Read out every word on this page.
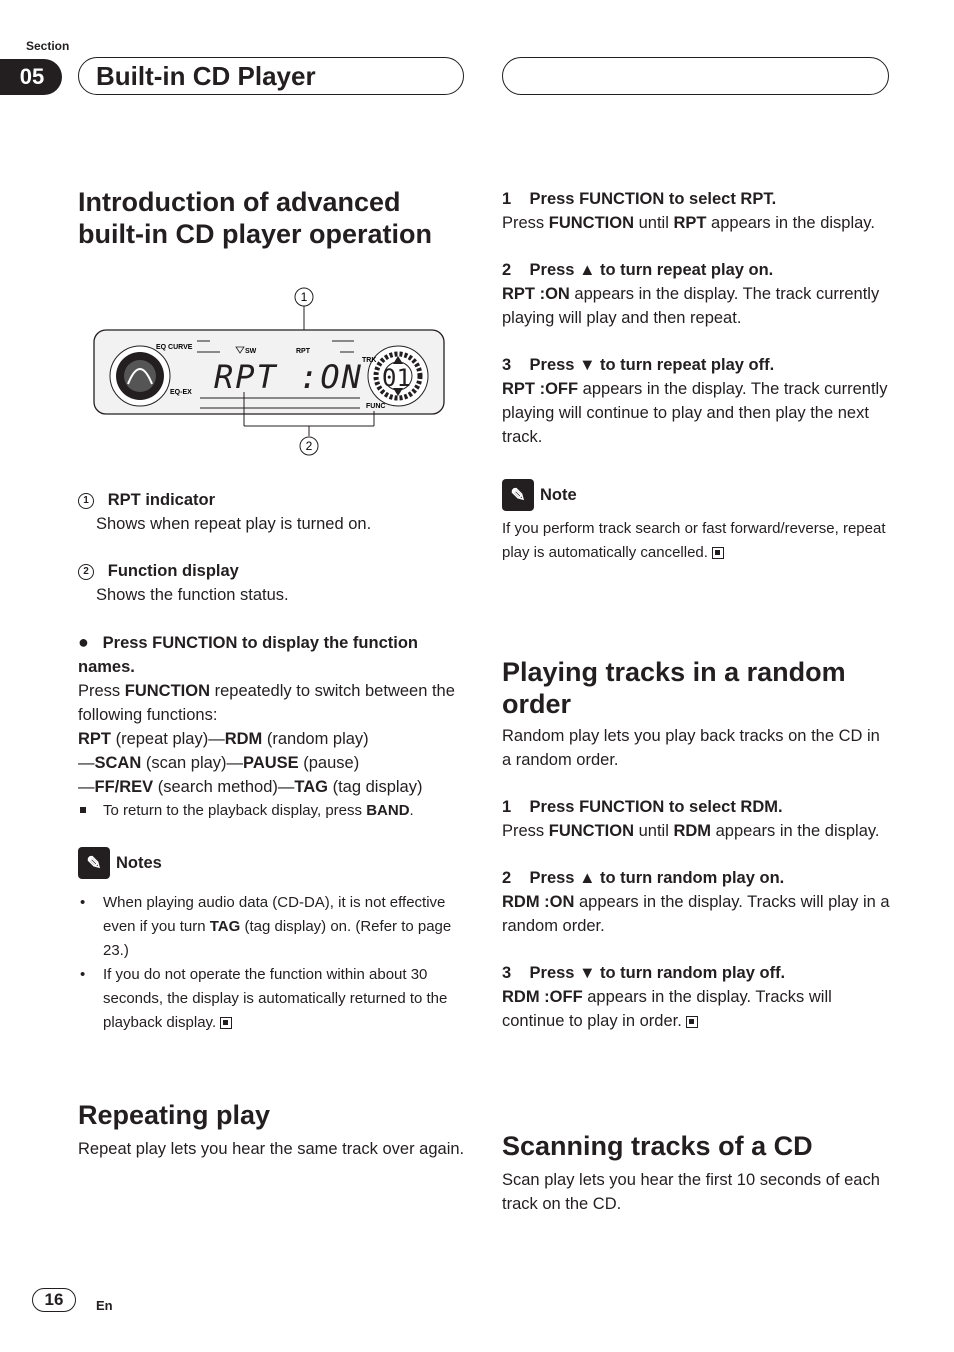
Section
05	Built-in CD Player
Introduction of advanced built-in CD player operation
1
EQ CURVE
EQ-EX
SW	RPT
TRK
FUNC
RPT :ON 01
2

1 RPT indicator

Shows when repeat play is turned on.

2 Function display

Shows the function status.

● Press FUNCTION to display the function names.

Press FUNCTION repeatedly to switch between the following functions:

RPT (repeat play)—RDM (random play)

—SCAN (scan play)—PAUSE (pause)

—FF/REV (search method)—TAG (tag display)

To return to the playback display, press BAND.

✎ Notes
• When playing audio data (CD-DA), it is not effective even if you turn TAG (tag display) on. (Refer to page 23.)
• If you do not operate the function within about 30 seconds, the display is automatically returned to the playback display.
Repeating play

Repeat play lets you hear the same track over again.

1 Press FUNCTION to select RPT.

Press FUNCTION until RPT appears in the display.

2 Press ▲ to turn repeat play on.

RPT :ON appears in the display. The track currently playing will play and then repeat.

3 Press ▼ to turn repeat play off.

RPT :OFF appears in the display. The track currently playing will continue to play and then play the next track.

✎ Note

If you perform track search or fast forward/reverse, repeat play is automatically cancelled.

Playing tracks in a random order

Random play lets you play back tracks on the CD in a random order.

1 Press FUNCTION to select RDM.

Press FUNCTION until RDM appears in the display.

2 Press ▲ to turn random play on.

RDM :ON appears in the display. Tracks will play in a random order.

3 Press ▼ to turn random play off.

RDM :OFF appears in the display. Tracks will continue to play in order.

Scanning tracks of a CD

Scan play lets you hear the first 10 seconds of each track on the CD.

16	En
